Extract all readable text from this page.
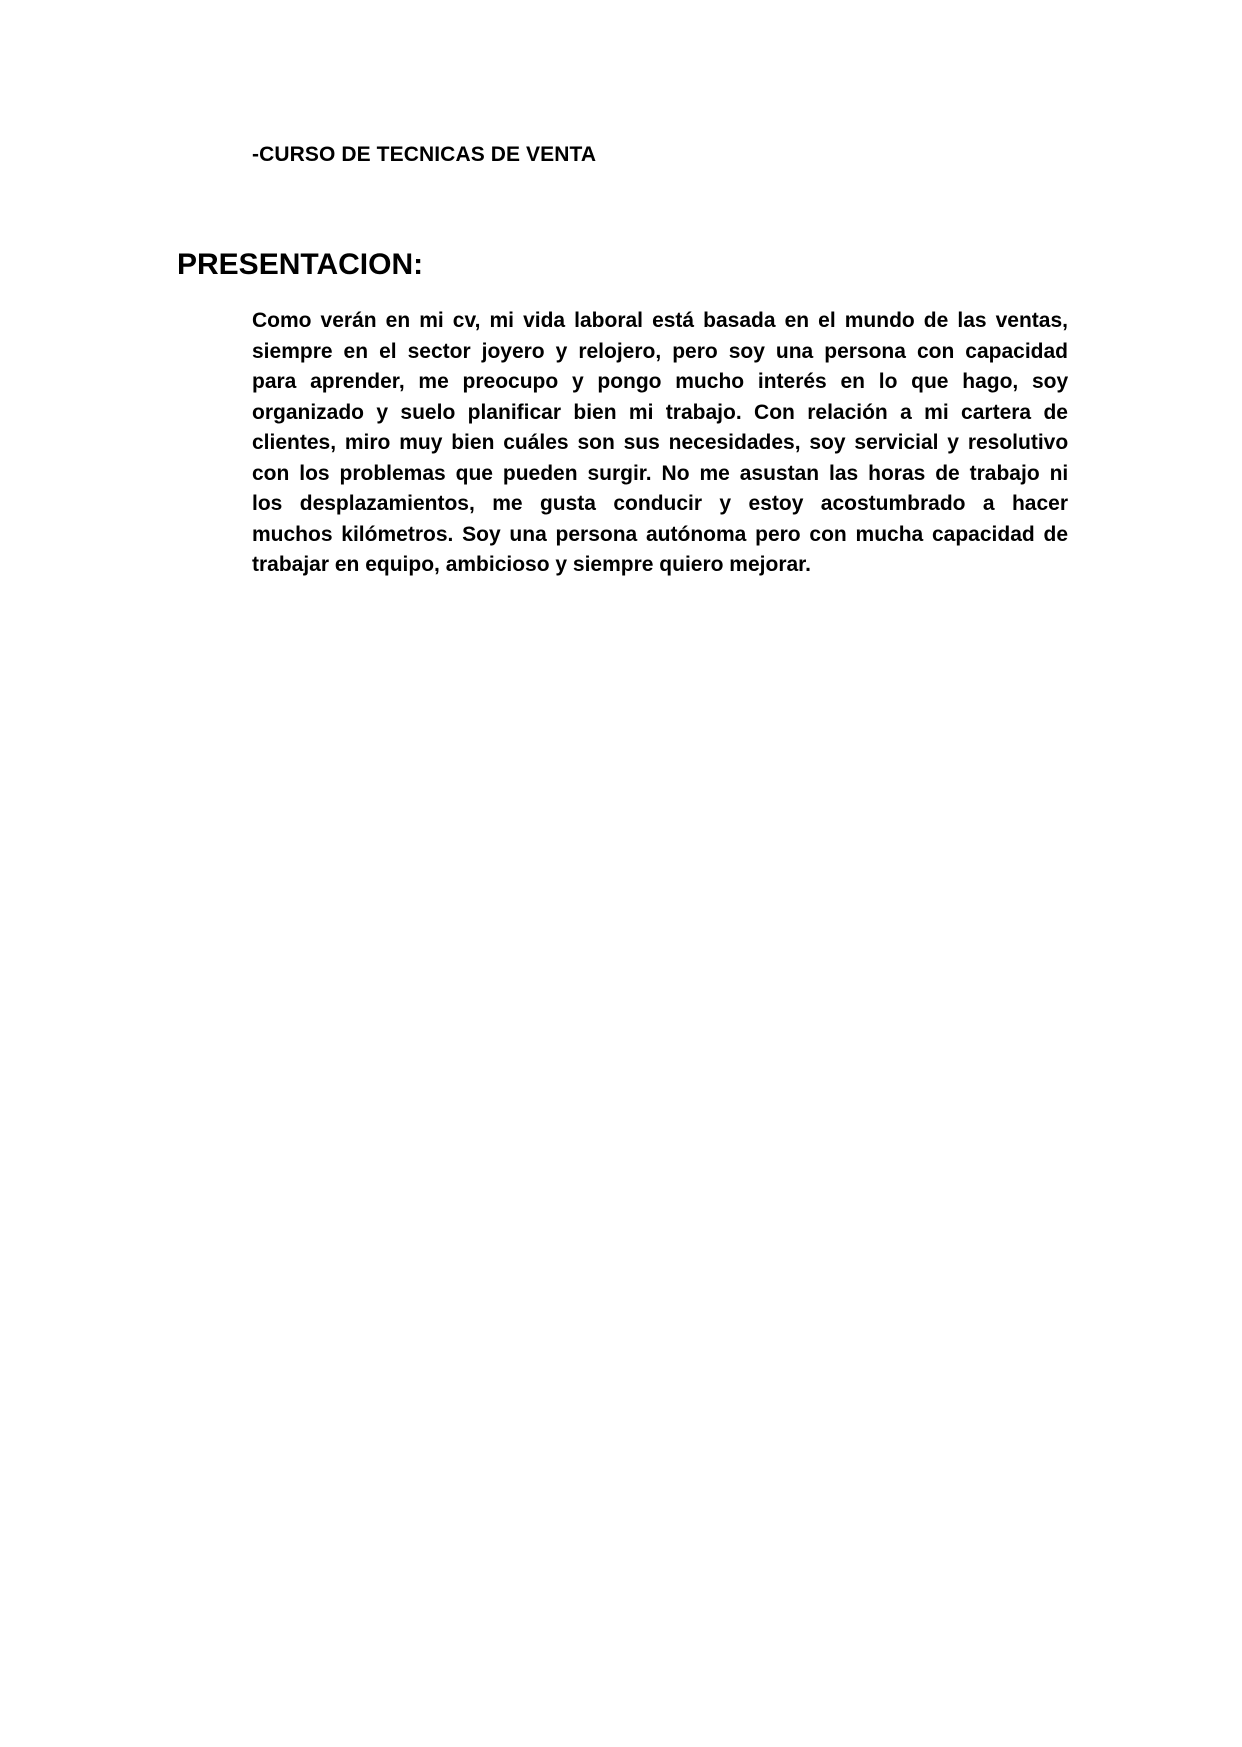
-CURSO DE TECNICAS DE VENTA
PRESENTACION:
Como verán en mi cv, mi vida laboral está basada en el mundo de las ventas,
siempre en el sector joyero y relojero, pero soy una persona con capacidad
para aprender, me preocupo y pongo mucho interés en lo que hago, soy
organizado y suelo planificar bien mi trabajo. Con relación a mi cartera de
clientes, miro muy bien cuáles son sus necesidades, soy servicial y resolutivo
con los problemas que pueden surgir. No me asustan las horas de trabajo ni
los desplazamientos, me gusta conducir y estoy acostumbrado a hacer
muchos kilómetros. Soy una persona autónoma pero con mucha capacidad de
trabajar en equipo, ambicioso y siempre quiero mejorar.
